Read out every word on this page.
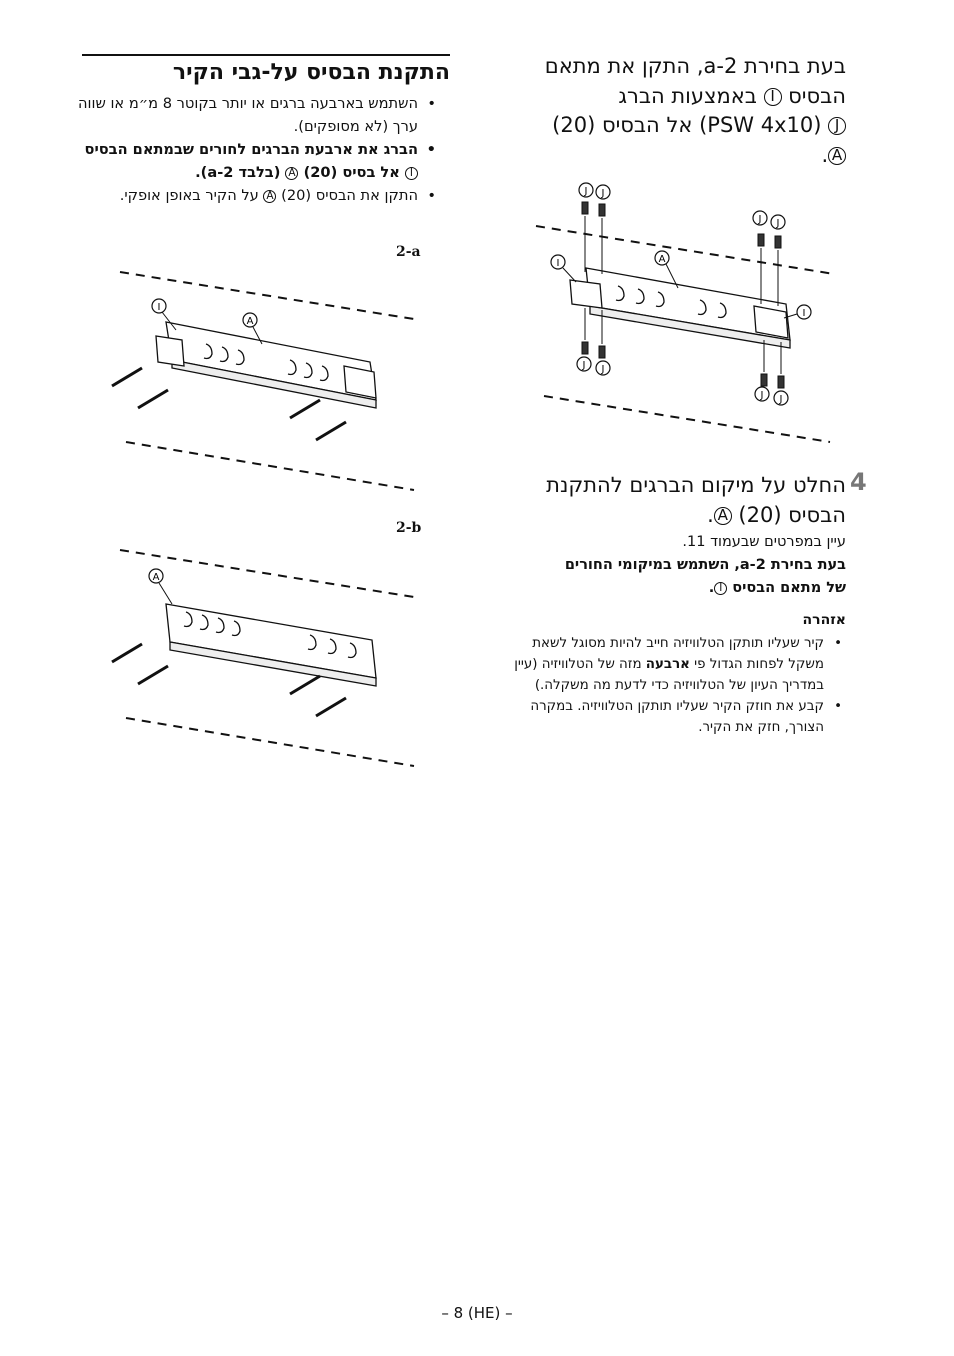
התקנת הבסיס על-גבי הקיר
• השתמש בארבעה ברגים או יותר בקוטר 8 מ״מ או שווה ערך (לא מסופקים).
• הברג את ארבעת הברגים לחורים שבמתאם הבסיס I אל בסיס (20) A (בלבד 2-a).
• התקן את הבסיס (20) A על הקיר באופן אופקי.
2-a
I
A
2-b
A
בעת בחירת 2-a, התקן את מתאם
הבסיס I באמצעות הברג
J (PSW 4x10) אל הבסיס (20)
A.
J J
J J
I	A
I
J J
J J
4
החלט על מיקום הברגים להתקנת
הבסיס (20) A.
עיין במפרטים שבעמוד 11.
בעת בחירת 2-a, השתמש במיקומי החורים
של מתאם הבסיס I.
אזהרה
• קיר שעליו תותקן הטלוויזיה חייב להיות מסוגל לשאת משקל לפחות הגדול פי ארבעה מזה של הטלוויזיה (עיין במדריך העיון של הטלוויזיה כדי לדעת מה משקלה.)
• קבע את חוזק הקיר שעליו תותקן הטלוויזיה. במקרה הצורך, חזק את הקיר.
– 8 (HE) –
